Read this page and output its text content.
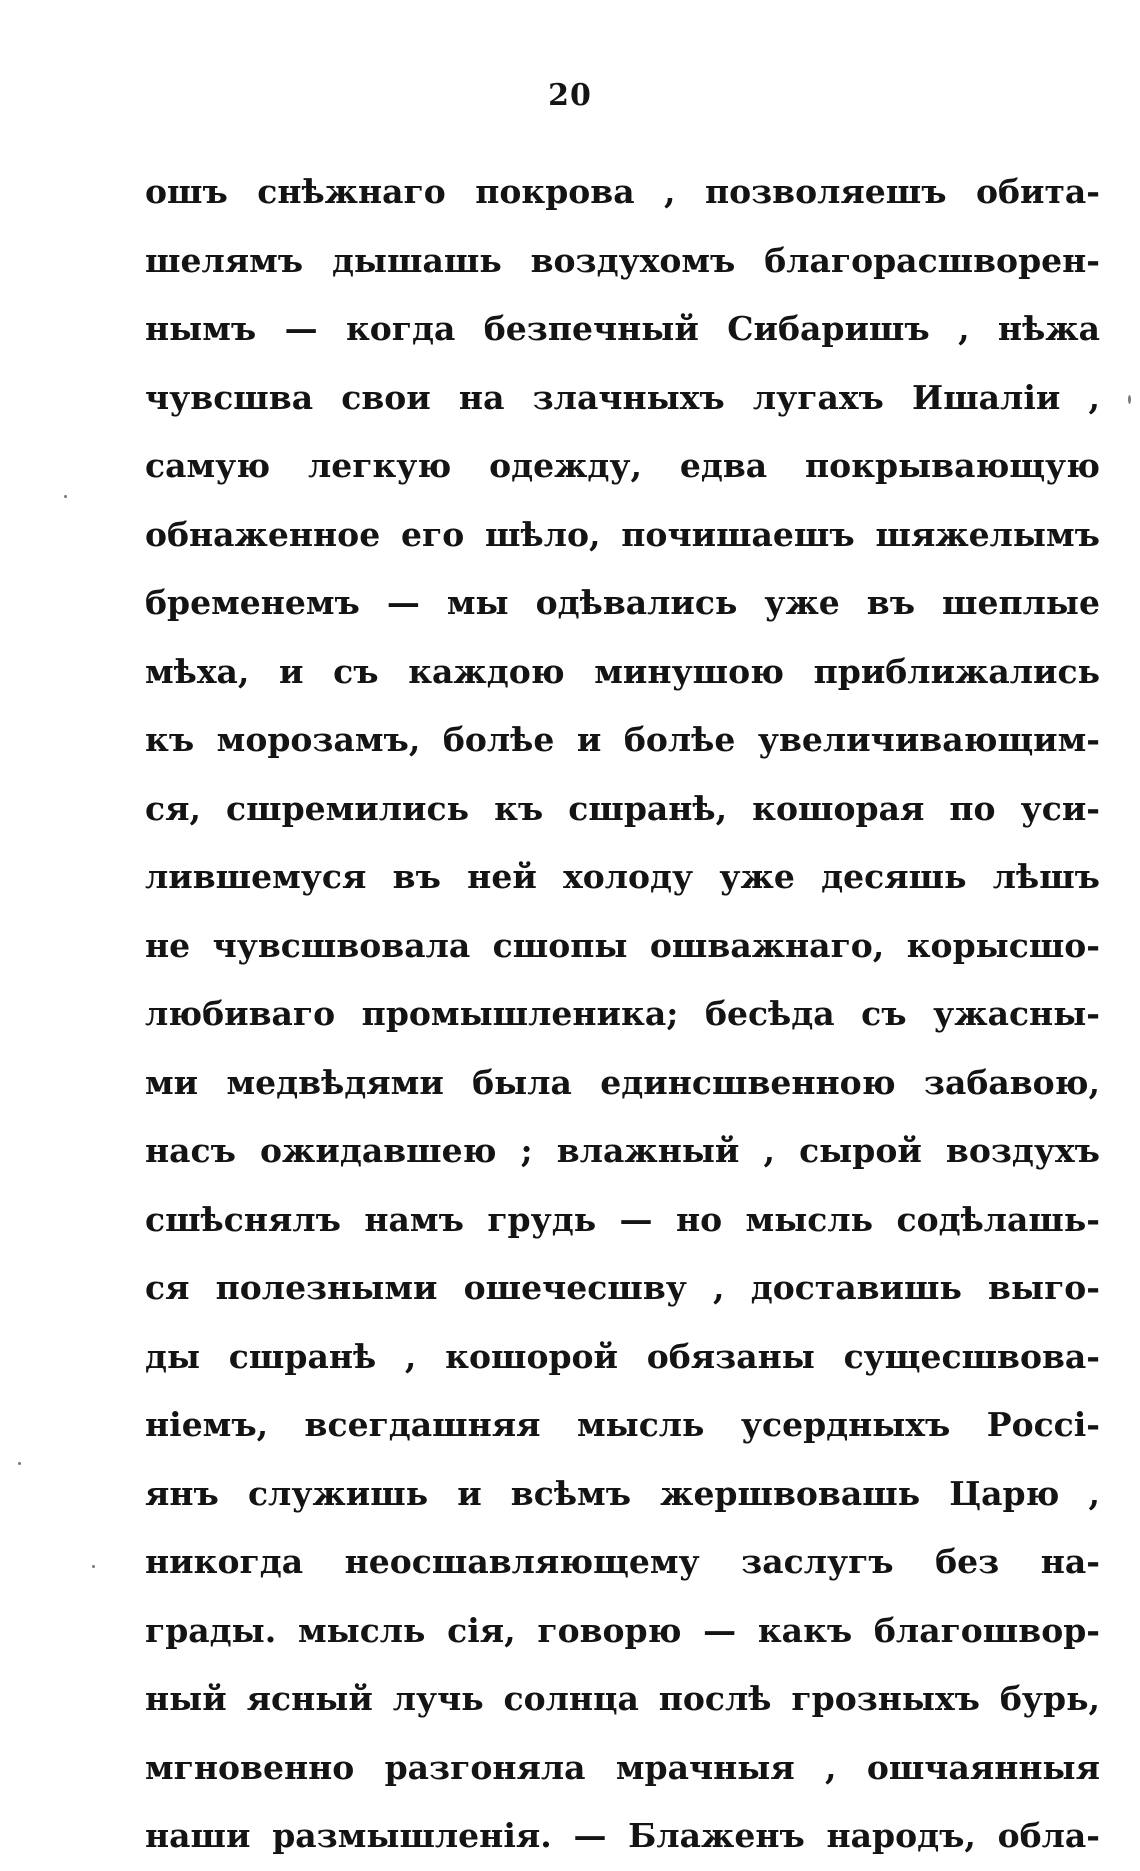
20
ошъ снѣжнаго покрова , позволяешъ обита-
шелямъ дышашь воздухомъ благорасшворен-
нымъ — когда безпечный Сибаришъ , нѣжа
чувсшва свои на злачныхъ лугахъ Ишаліи ,
самую легкую одежду, едва покрывающую
обнаженное его шѣло, почишаешъ шяжелымъ
бременемъ — мы одѣвались уже въ шеплые
мѣха, и съ каждою минушою приближались
къ морозамъ, болѣе и болѣе увеличивающим-
ся, сшремились къ сшранѣ, кошорая по уси-
лившемуся въ ней холоду уже десяшь лѣшъ
не чувсшвовала сшопы ошважнаго, корысшо-
любиваго промышленика; бесѣда съ ужасны-
ми медвѣдями была единсшвенною забавою,
насъ ожидавшею ; влажный , сырой воздухъ
сшѣснялъ намъ грудь — но мысль содѣлашь-
ся полезными ошечесшву , доставишь выго-
ды сшранѣ , кошорой обязаны сущесшвова-
ніемъ, всегдашняя мысль усердныхъ Россі-
янъ служишь и всѣмъ жершвовашь Царю ,
никогда неосшавляющему заслугъ без на-
грады. мысль сія, говорю — какъ благошвор-
ный ясный лучь солнца послѣ грозныхъ бурь,
мгновенно разгоняла мрачныя , ошчаянныя
наши размышленія. — Блаженъ народъ, обла-
